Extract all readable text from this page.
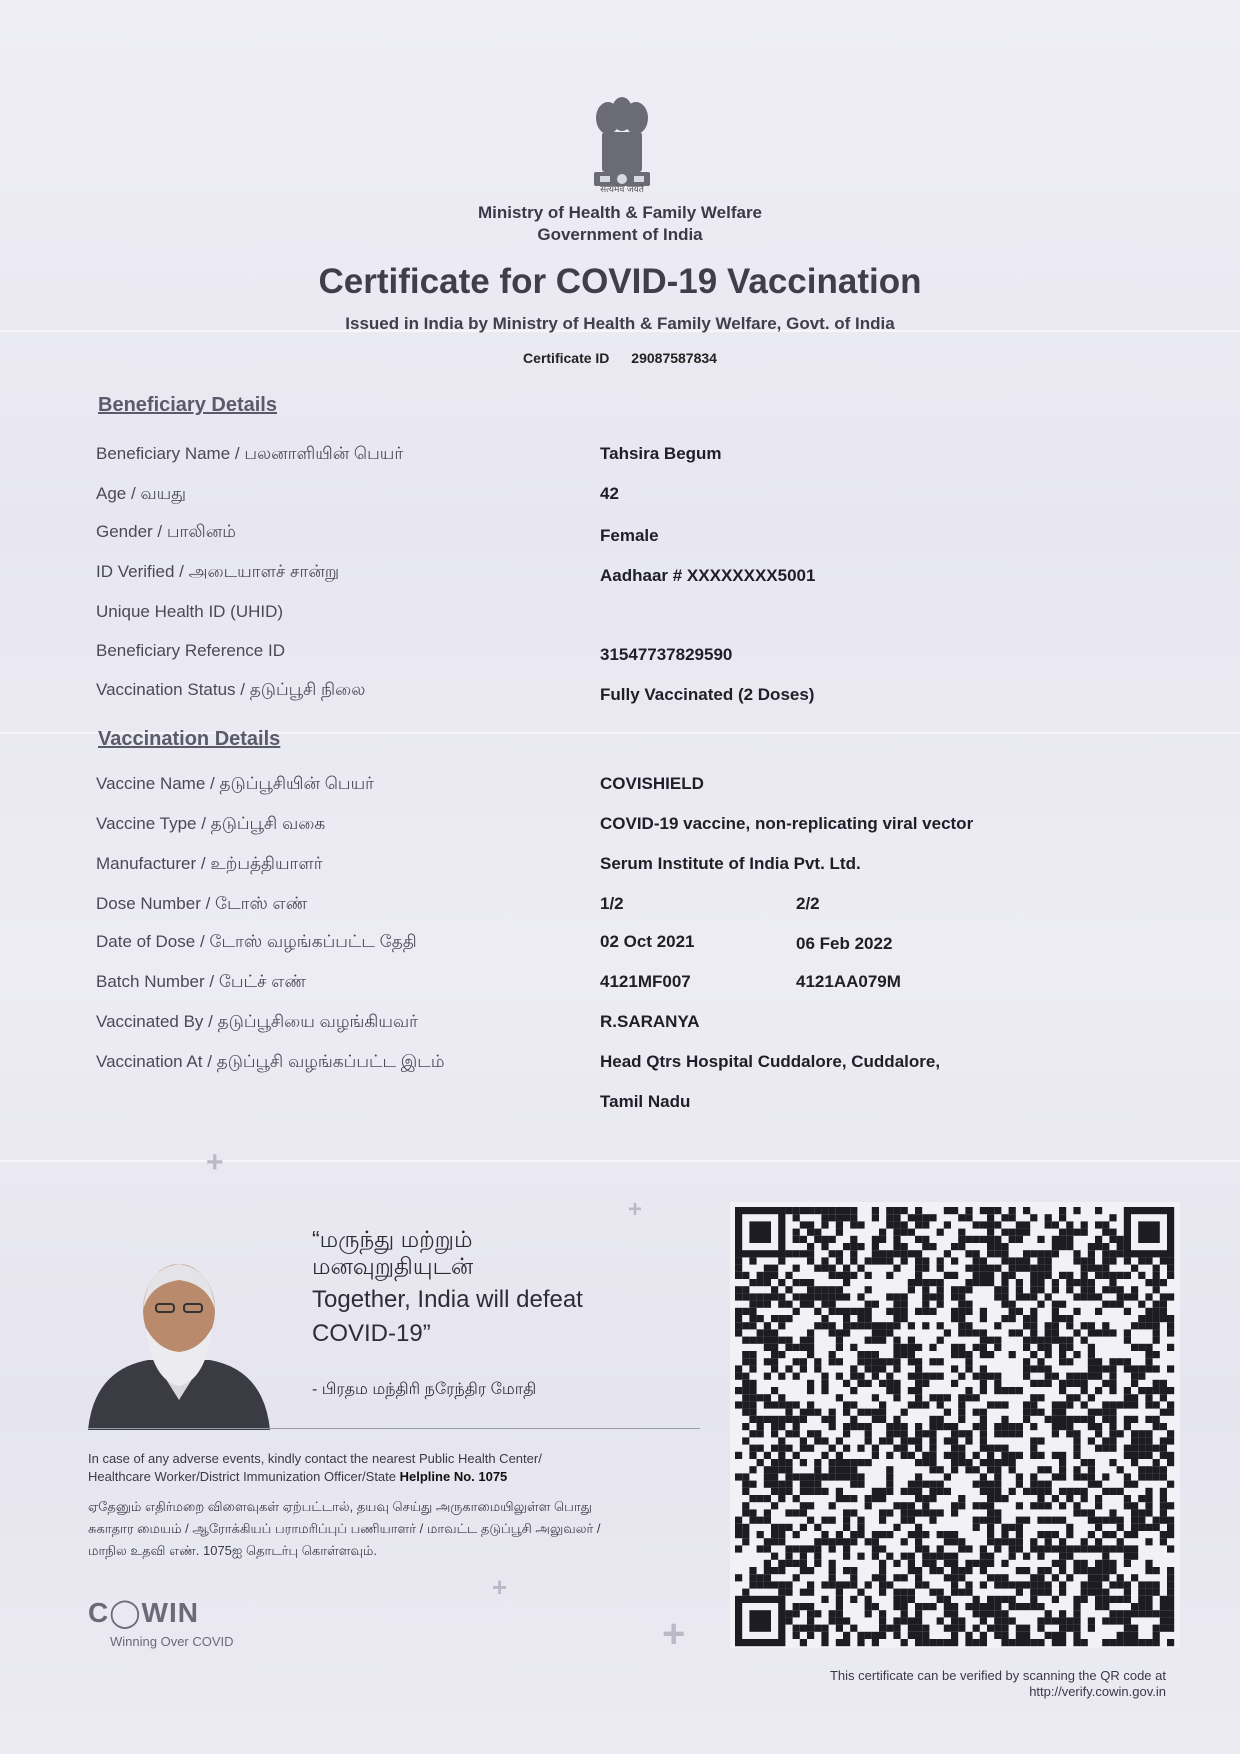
सत्यमेव जयते
Ministry of Health & Family Welfare
Government of India
Certificate for COVID-19 Vaccination
Issued in India by Ministry of Health & Family Welfare, Govt. of India
Certificate ID 29087587834
Beneficiary Details
Beneficiary Name / பலனாளியின் பெயர்	Tahsira Begum
Age / வயது	42
Gender / பாலினம்	Female
ID Verified / அடையாளச் சான்று	Aadhaar # XXXXXXXX5001
Unique Health ID (UHID)
Beneficiary Reference ID	31547737829590
Vaccination Status / தடுப்பூசி நிலை	Fully Vaccinated (2 Doses)
Vaccination Details
Vaccine Name / தடுப்பூசியின் பெயர்	COVISHIELD
Vaccine Type / தடுப்பூசி வகை	COVID-19 vaccine, non-replicating viral vector
Manufacturer / உற்பத்தியாளர்	Serum Institute of India Pvt. Ltd.
Dose Number / டோஸ் எண்	1/2	2/2
Date of Dose / டோஸ் வழங்கப்பட்ட தேதி	02 Oct 2021	06 Feb 2022
Batch Number / பேட்ச் எண்	4121MF007	4121AA079M
Vaccinated By / தடுப்பூசியை வழங்கியவர்	R.SARANYA
Vaccination At / தடுப்பூசி வழங்கப்பட்ட இடம்	Head Qtrs Hospital Cuddalore, Cuddalore,
Tamil Nadu
+
+
+
+
“மருந்து மற்றும்
மனவுறுதியுடன்
Together, India will defeat
COVID-19”
- பிரதம மந்திரி நரேந்திர மோதி
In case of any adverse events, kindly contact the nearest Public Health Center/
Healthcare Worker/District Immunization Officer/State Helpline No. 1075
ஏதேனும் எதிர்மறை விளைவுகள் ஏற்பட்டால், தயவு செய்து அருகாமையிலுள்ள பொது
சுகாதார மையம் / ஆரோக்கியப் பராமரிப்புப் பணியாளர் / மாவட்ட தடுப்பூசி அலுவலர் /
மாநில உதவி எண். 1075ஐ தொடர்பு கொள்ளவும்.
C◯WIN
Winning Over COVID
This certificate can be verified by scanning the QR code at
http://verify.cowin.gov.in
